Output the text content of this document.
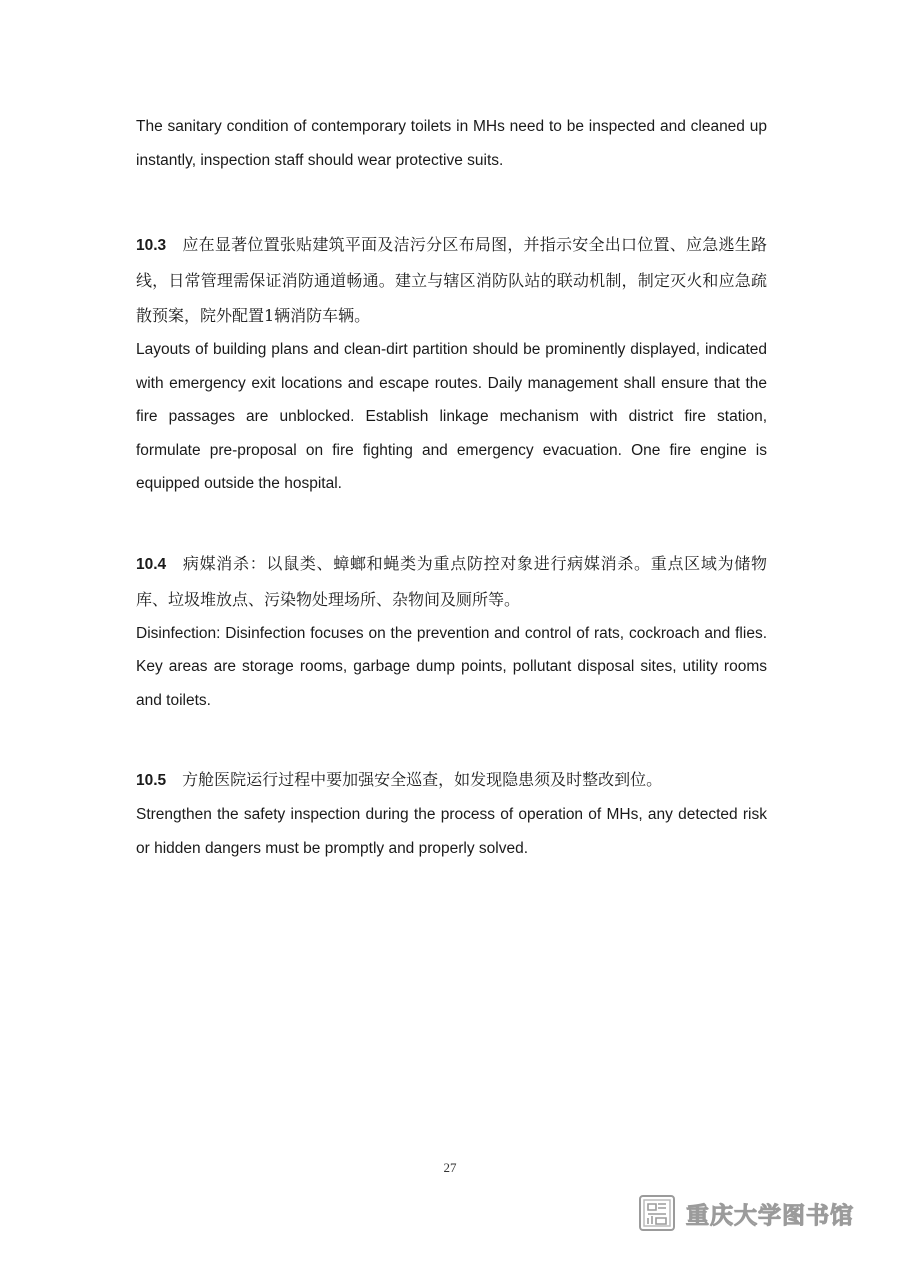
The sanitary condition of contemporary toilets in MHs need to be inspected and cleaned up instantly, inspection staff should wear protective suits.

10.3 应在显著位置张贴建筑平面及洁污分区布局图，并指示安全出口位置、应急逃生路线，日常管理需保证消防通道畅通。建立与辖区消防队站的联动机制，制定灭火和应急疏散预案，院外配置1辆消防车辆。

Layouts of building plans and clean-dirt partition should be prominently displayed, indicated with emergency exit locations and escape routes. Daily management shall ensure that the fire passages are unblocked. Establish linkage mechanism with district fire station, formulate pre-proposal on fire fighting and emergency evacuation. One fire engine is equipped outside the hospital.

10.4 病媒消杀：以鼠类、蟑螂和蝇类为重点防控对象进行病媒消杀。重点区域为储物库、垃圾堆放点、污染物处理场所、杂物间及厕所等。

Disinfection: Disinfection focuses on the prevention and control of rats, cockroach and flies. Key areas are storage rooms, garbage dump points, pollutant disposal sites, utility rooms and toilets.

10.5 方舱医院运行过程中要加强安全巡查，如发现隐患须及时整改到位。

Strengthen the safety inspection during the process of operation of MHs, any detected risk or hidden dangers must be promptly and properly solved.

27
重庆大学图书馆
